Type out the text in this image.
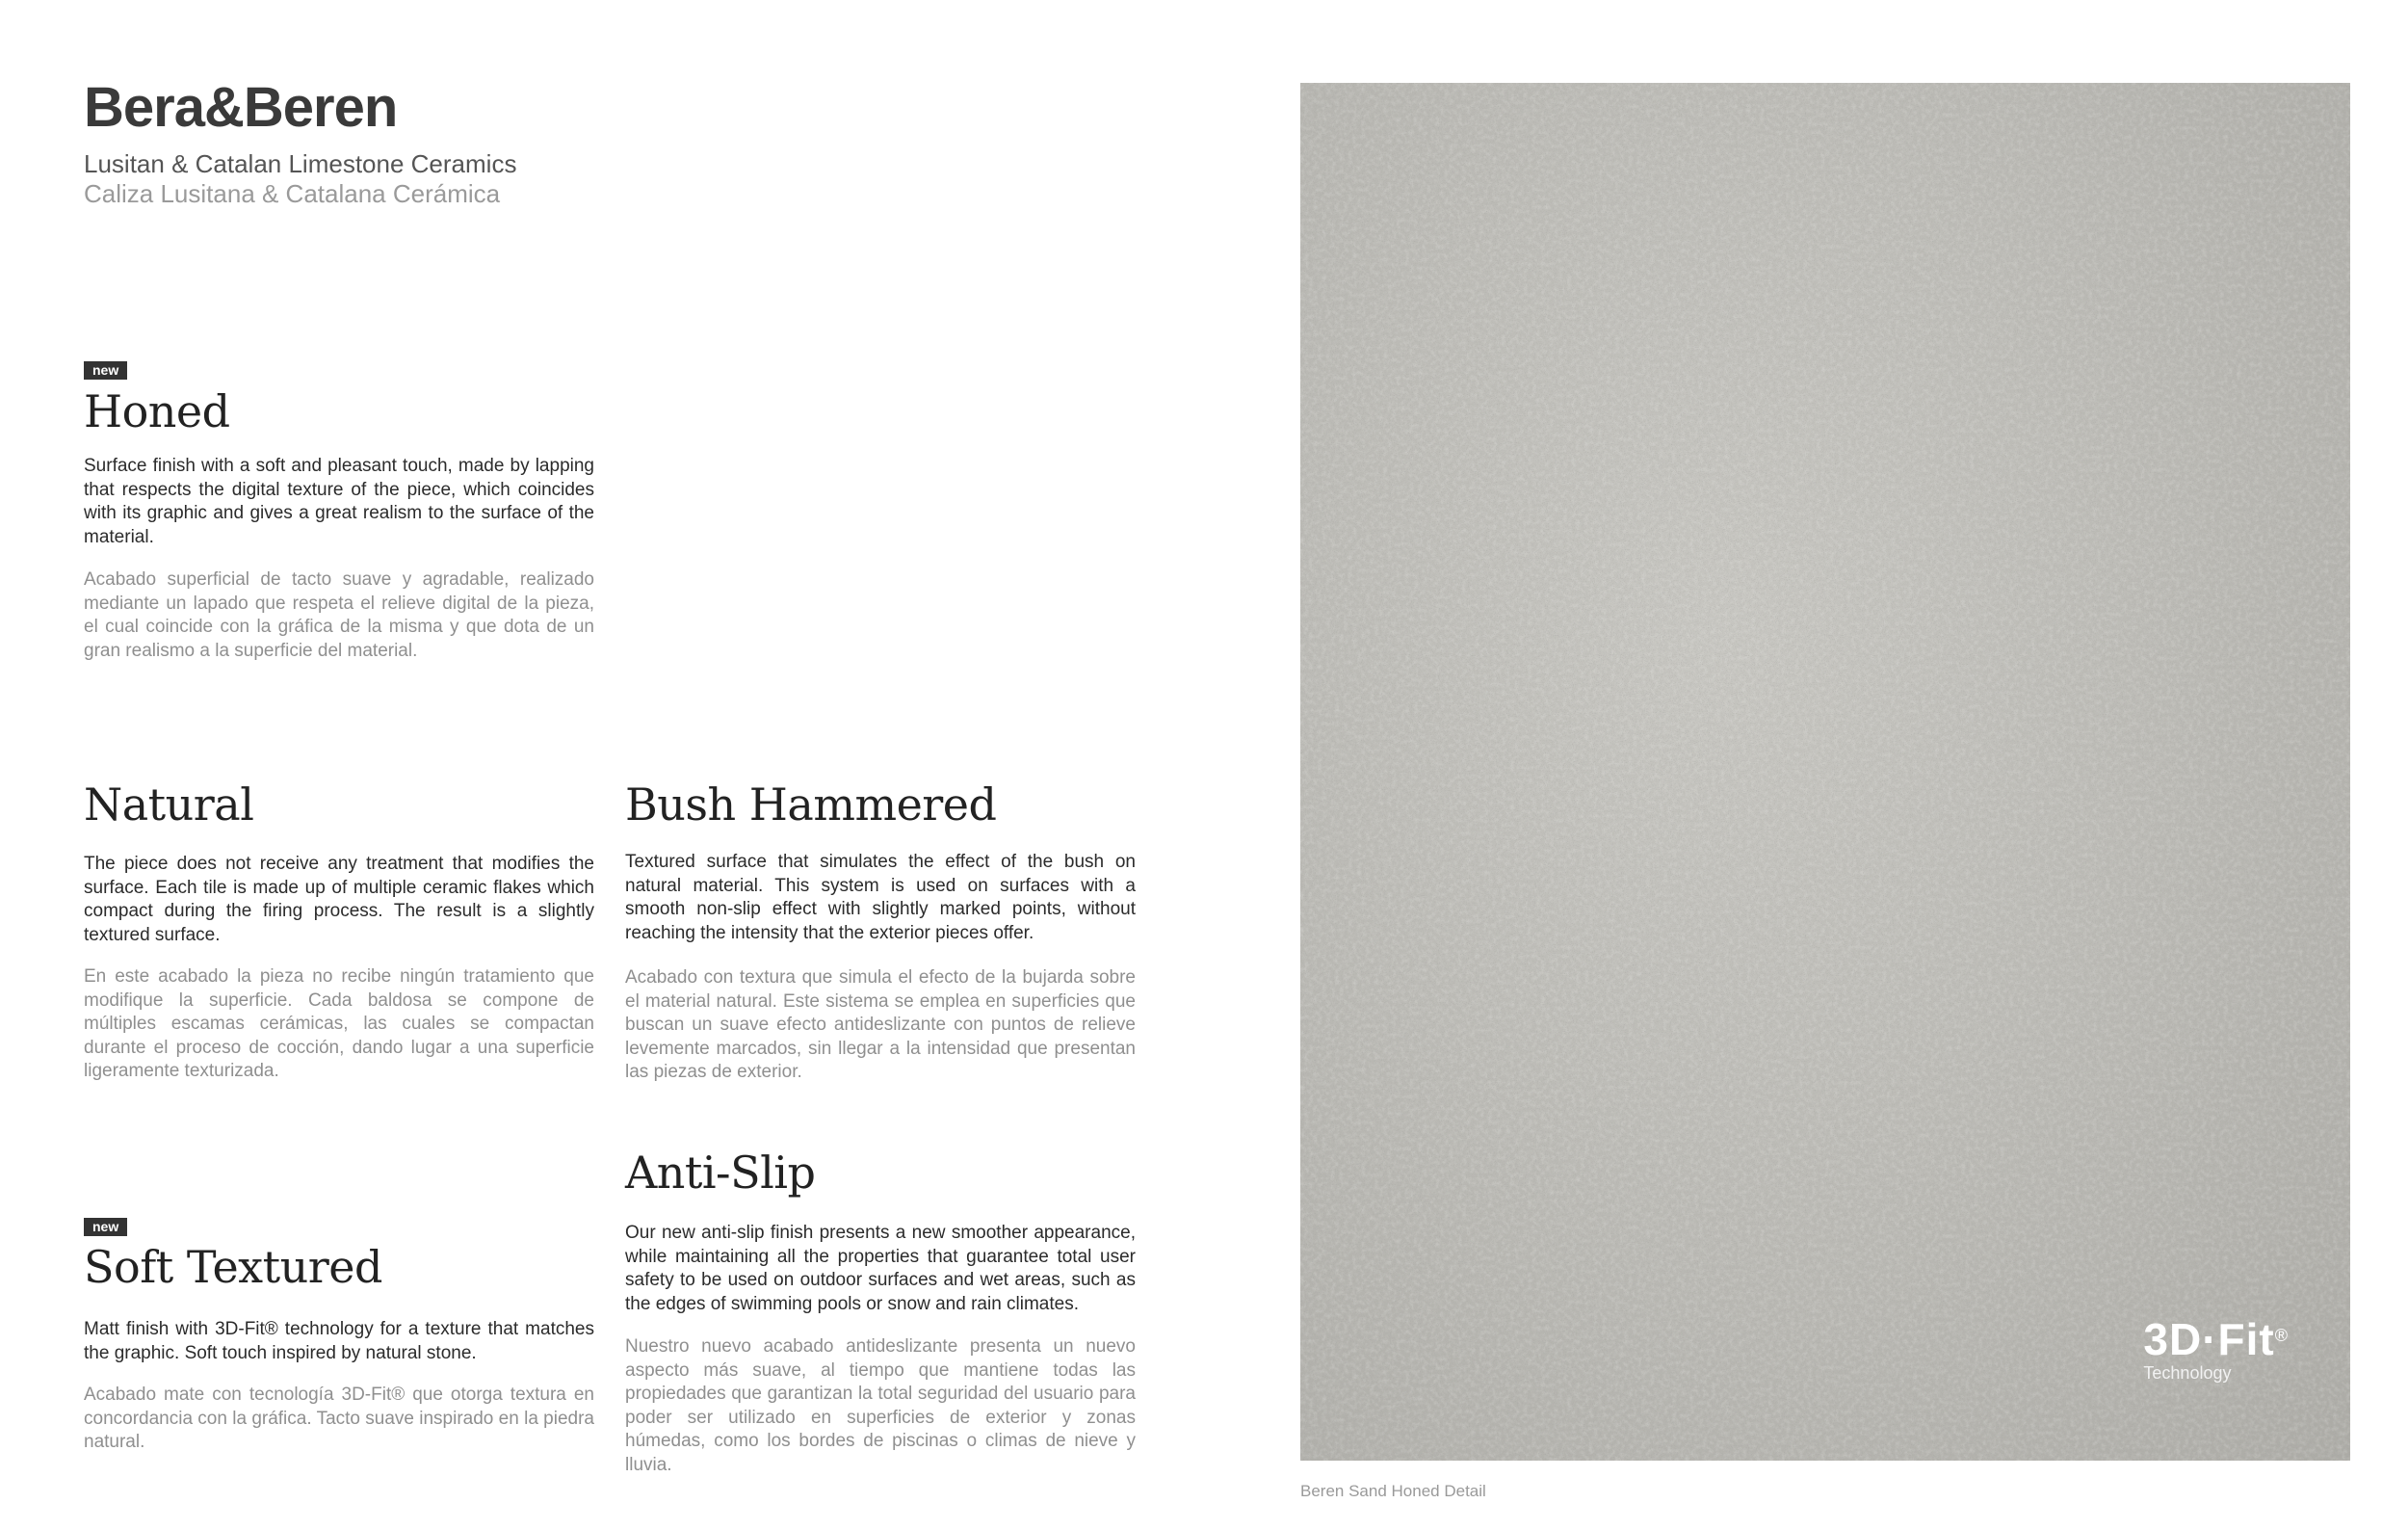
Bera&Beren
Lusitan & Catalan Limestone Ceramics
Caliza Lusitana & Catalana Cerámica
new
Honed
Surface finish with a soft and pleasant touch, made by lapping that respects the digital texture of the piece, which coincides with its graphic and gives a great realism to the surface of the material.
Acabado superficial de tacto suave y agradable, realizado mediante un lapado que respeta el relieve digital de la pieza, el cual coincide con la gráfica de la misma y que dota de un gran realismo a la superficie del material.
Natural
The piece does not receive any treatment that modifies the surface. Each tile is made up of multiple ceramic flakes which compact during the firing process. The result is a slightly textured surface.
En este acabado la pieza no recibe ningún tratamiento que modifique la superficie. Cada baldosa se compone de múltiples escamas cerámicas, las cuales se compactan durante el proceso de cocción, dando lugar a una superficie ligeramente texturizada.
Bush Hammered
Textured surface that simulates the effect of the bush on natural material. This system is used on surfaces with a smooth non-slip effect with slightly marked points, without reaching the intensity that the exterior pieces offer.
Acabado con textura que simula el efecto de la bujarda sobre el material natural. Este sistema se emplea en superficies que buscan un suave efecto antideslizante con puntos de relieve levemente marcados, sin llegar a la intensidad que presentan las piezas de exterior.
Anti-Slip
Our new anti-slip finish presents a new smoother appearance, while maintaining all the properties that guarantee total user safety to be used on outdoor surfaces and wet areas, such as the edges of swimming pools or snow and rain climates.
Nuestro nuevo acabado antideslizante presenta un nuevo aspecto más suave, al tiempo que mantiene todas las propiedades que garantizan la total seguridad del usuario para poder ser utilizado en superficies de exterior y zonas húmedas, como los bordes de piscinas o climas de nieve y lluvia.
new
Soft Textured
Matt finish with 3D-Fit® technology for a texture that matches the graphic. Soft touch inspired by natural stone.
Acabado mate con tecnología 3D-Fit® que otorga textura en concordancia con la gráfica. Tacto suave inspirado en la piedra natural.
3D·Fit®
Technology
Beren Sand Honed Detail
